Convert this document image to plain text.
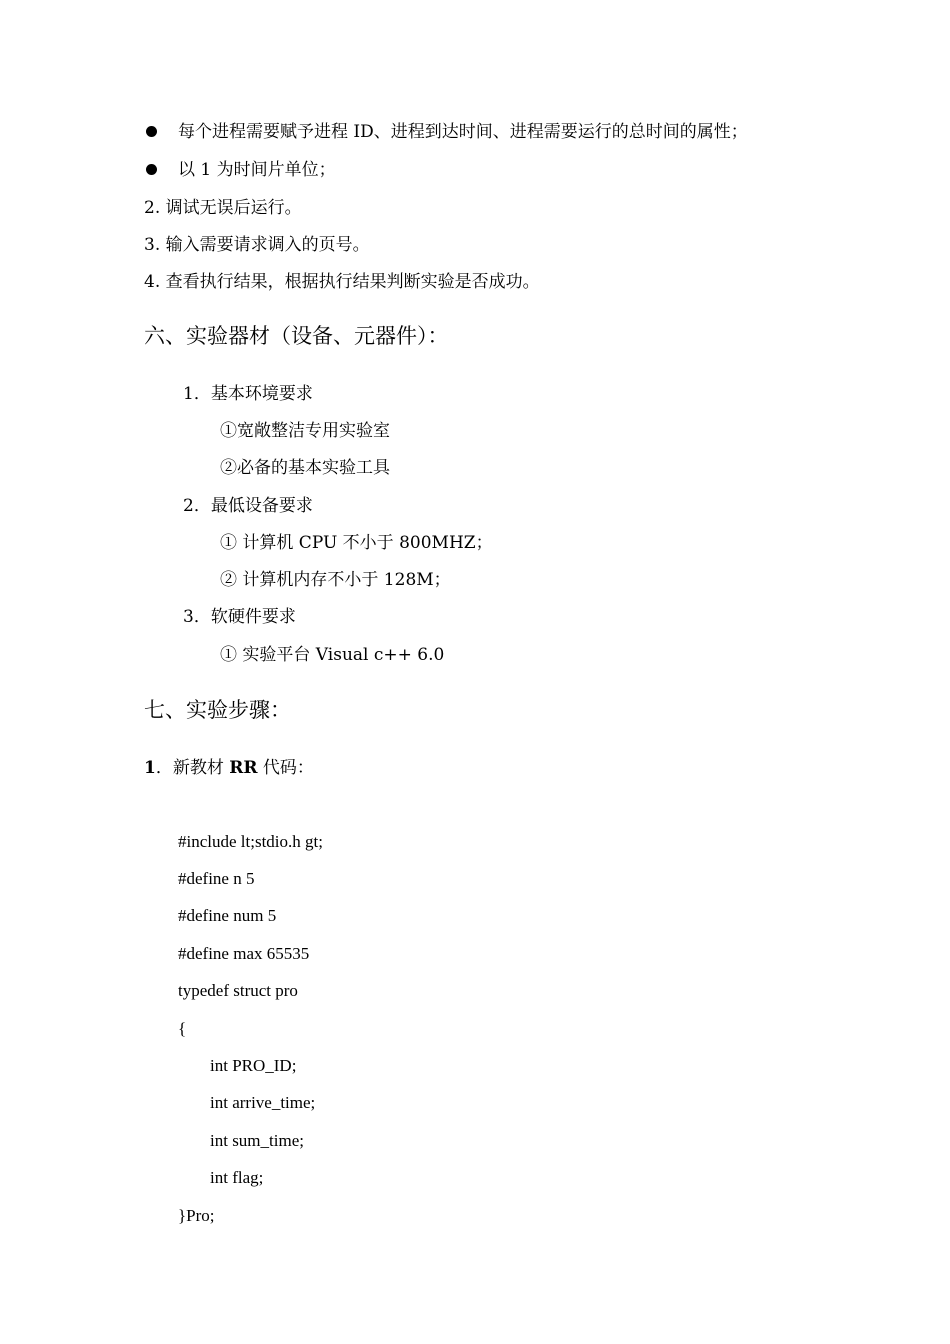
每个进程需要赋予进程 ID、进程到达时间、进程需要运行的总时间的属性；
以 1 为时间片单位；
2. 调试无误后运行。
3. 输入需要请求调入的页号。
4. 查看执行结果，根据执行结果判断实验是否成功。
六、实验器材（设备、元器件）：
1．基本环境要求
①宽敞整洁专用实验室
②必备的基本实验工具
2．最低设备要求
① 计算机 CPU 不小于 800MHZ；
② 计算机内存不小于 128M；
3．软硬件要求
① 实验平台 Visual c++ 6.0
七、实验步骤：
1．新教材 RR 代码：
#include lt;stdio.h gt;
#define n 5
#define num 5
#define max 65535
typedef struct pro
{
int PRO_ID;
int arrive_time;
int sum_time;
int flag;
}Pro;
